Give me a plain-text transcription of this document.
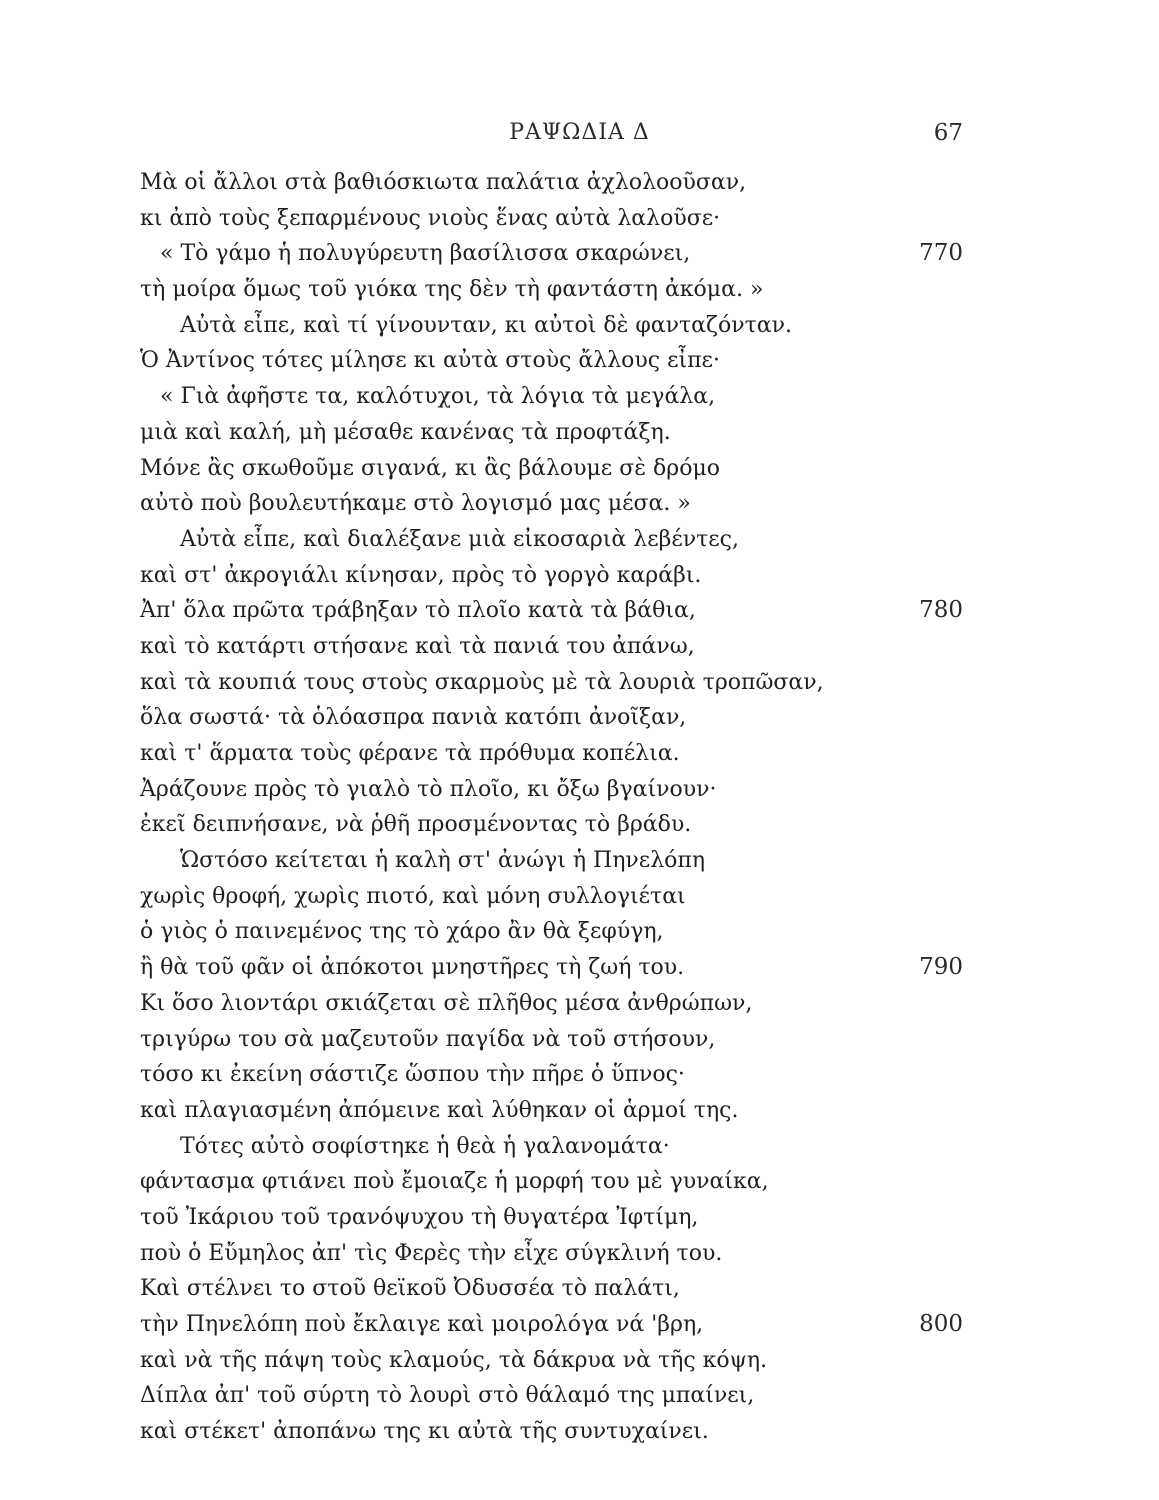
ΡΑΨΩΔΙΑ Δ	67
Μὰ οἱ ἄλλοι στὰ βαθιόσκιωτα παλάτια ἀχλολοοῦσαν,
κι ἀπὸ τοὺς ξεπαρμένους νιοὺς ἕνας αὐτὰ λαλοῦσε·
« Τὸ γάμο ἡ πολυγύρευτη βασίλισσα σκαρώνει,	770
τὴ μοίρα ὅμως τοῦ γιόκα της δὲν τὴ φαντάστη ἀκόμα. »
Αὐτὰ εἶπε, καὶ τί γίνουνταν, κι αὐτοὶ δὲ φανταζόνταν.
Ὁ Ἀντίνος τότες μίλησε κι αὐτὰ στοὺς ἄλλους εἶπε·
« Γιὰ ἀφῆστε τα, καλότυχοι, τὰ λόγια τὰ μεγάλα,
μιὰ καὶ καλή, μὴ μέσαθε κανένας τὰ προφτάξη.
Μόνε ἂς σκωθοῦμε σιγανά, κι ἂς βάλουμε σὲ δρόμο
αὐτὸ ποὺ βουλευτήκαμε στὸ λογισμό μας μέσα. »
Αὐτὰ εἶπε, καὶ διαλέξανε μιὰ εἰκοσαριὰ λεβέντες,
καὶ στ' ἀκρογιάλι κίνησαν, πρὸς τὸ γοργὸ καράβι.
Ἀπ' ὅλα πρῶτα τράβηξαν τὸ πλοῖο κατὰ τὰ βάθια,	780
καὶ τὸ κατάρτι στήσανε καὶ τὰ πανιά του ἀπάνω,
καὶ τὰ κουπιά τους στοὺς σκαρμοὺς μὲ τὰ λουριὰ τροπῶσαν,
ὅλα σωστά· τὰ ὁλόασπρα πανιὰ κατόπι ἀνοῖξαν,
καὶ τ' ἅρματα τοὺς φέρανε τὰ πρόθυμα κοπέλια.
Ἀράζουνε πρὸς τὸ γιαλὸ τὸ πλοῖο, κι ὄξω βγαίνουν·
ἐκεῖ δειπνήσανε, νὰ ῥθῆ προσμένοντας τὸ βράδυ.
Ὡστόσο κείτεται ἡ καλὴ στ' ἀνώγι ἡ Πηνελόπη
χωρὶς θροφή, χωρὶς πιοτό, καὶ μόνη συλλογιέται
ὁ γιὸς ὁ παινεμένος της τὸ χάρο ἂν θὰ ξεφύγη,
ἢ θὰ τοῦ φᾶν οἱ ἀπόκοτοι μνηστῆρες τὴ ζωή του.	790
Κι ὅσο λιοντάρι σκιάζεται σὲ πλῆθος μέσα ἀνθρώπων,
τριγύρω του σὰ μαζευτοῦν παγίδα νὰ τοῦ στήσουν,
τόσο κι ἐκείνη σάστιζε ὥσπου τὴν πῆρε ὁ ὕπνος·
καὶ πλαγιασμένη ἀπόμεινε καὶ λύθηκαν οἱ ἁρμοί της.
Τότες αὐτὸ σοφίστηκε ἡ θεὰ ἡ γαλανομάτα·
φάντασμα φτιάνει ποὺ ἔμοιαζε ἡ μορφή του μὲ γυναίκα,
τοῦ Ἰκάριου τοῦ τρανόψυχου τὴ θυγατέρα Ἰφτίμη,
ποὺ ὁ Εὔμηλος ἀπ' τὶς Φερὲς τὴν εἶχε σύγκλινή του.
Καὶ στέλνει το στοῦ θεϊκοῦ Ὀδυσσέα τὸ παλάτι,
τὴν Πηνελόπη ποὺ ἔκλαιγε καὶ μοιρολόγα νά 'βρη,	800
καὶ νὰ τῆς πάψη τοὺς κλαμούς, τὰ δάκρυα νὰ τῆς κόψη.
Δίπλα ἀπ' τοῦ σύρτη τὸ λουρὶ στὸ θάλαμό της μπαίνει,
καὶ στέκετ' ἀποπάνω της κι αὐτὰ τῆς συντυχαίνει.
